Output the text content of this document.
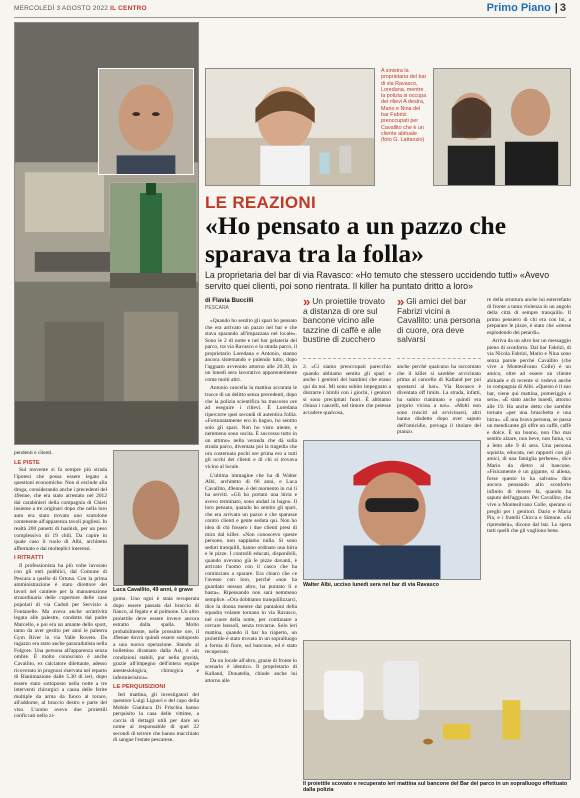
MERCOLEDÌ 3 AGOSTO 2022 IL CENTRO	Primo Piano | 3
A sinistra la proprietaria del bar di via Ravasco, Loredana, mentre la polizia si occupa dei rilievi A destra, Mario e Nina del bar Fabrizi preoccupati per Cavallito che è un cliente abituale (foto G. Lattanzio)
LE REAZIONI
«Ho pensato a un pazzo che sparava tra la folla»
La proprietaria del bar di via Ravasco: «Ho temuto che stessero uccidendo tutti» «Avevo servito quei clienti, poi sono rientrata. Il killer ha puntato dritto a loro»

pendenti e clienti.

LE PISTE

Sul movente si fa sempre più strada l'ipotesi che possa essere legato a questioni economiche. Non si esclude alla droga, considerando anche i precedenti del 49enne, che era stato arrestato nel 2012 dai carabinieri della compagnia di Chieti insieme a tre originari dopo che nella loro auto era stato trovato uno scatolone contenente all'apparenza tavoli pugliesi. In realtà 200 panetti di hashish, per un peso complessivo di 19 chili. Da capire in quale caso il ruolo di Albi, architetto affermato e dai molteplici interessi.

I RITRATTI

Il professionista ha più volte lavorato con gli enti pubblici, dal Comune di Pescara a quello di Ortona. Con la prima amministrazione è stato direttore dei lavori nel cantiere per la manutenzione straordinaria delle coperture delle case popolari di via Caduti per Servizio a Fontanelle. Ma aveva anche un'attività legata alle palestre, condotta dal padre Marcello, e poi era un amante dello sport, tanto da aver gestito per anni le palestra Gym River in via Valle Roveto. Da ragazzo era stato anche paracadutista nella Folgore. Una persona all'apparenza senza ombre. È molto conosciuto è anche Cavallito, ex calciatore dilettante, adesso ricoverato in prognosi riservata nel reparto di Rianimazione dalle 5.30 di ieri, dopo essere stato sottoposto nella notte a tre interventi chirurgici a causa delle ferite multiple da arma da fuoco al torace, all'addome, al braccio destro e parte del viso. L'uomo aveva due proiettili conficcati nello zi-

Luca Cavallito, 49 anni, è grave

gomo. Uno ogni è stata recuperata dopo essere passata dal braccio di fianco, al fegato e al polmone. Un altro proiettile deve essere invece ancora estratto dalla spalla. Molto probabilmente, nelle prossime ore, il 49enne dovrà quindi essere sottoposto a una nuova operazione. Stando al bollettino diramato dalla Asl, è «in condizioni stabili, pur nella gravità, grazie all'impegno dell'intera equipe anestesiologica, chirurgica e infermieristica».

LE PERQUISIZIONI

Ieri mattina, gli investigatori del questore Luigi Liguori e del capo della Mobile Gianluca Di Frischia hanno perquisito la casa delle vittime, a caccia di dettagli utili per dare un nome al responsabile di quel 22 secondi di terrore che hanno macchiato di sangue l'estate pescarese.

di Flavia Buccilli
PESCARA

«Quando ho sentito gli spari ho pensato che era arrivato un pazzo nel bar e che stava sparando all'impazzata nel locale». Sono le 2 di notte e nel bar gelateria del parco, tra via Ravasco e la strada parco, il proprietario Loredana e Antonio, stanno ancora sistemando e pulendo tutto, dopo l'agguato avvenuto attorno alle 20.30, in un lunedì sera lavorativo apparentemente come molti altri.

Antonio cancella la mattina accurata le tracce di un delitto senza precedenti, dopo che la polizia scientifica ha trascorso ore ad eseguire i rilievi. È Loredana ripercorre quei secondi di autentica follia. «Fortunatamente ero in bagno, ho sentito solo gli spari. Non ho visto niente, e nemmeno sono uscita. È successo tutto in un attimo» nella veranda che dà sulla strada parco, diventata poi la tragedia che ora costernata pochi ore prima ero a tutti gli occhi dei clienti e di chi si trovava vicino al locale.

L'ultima immagine che ha di Walter Albi, architetto di 66 anni, e Luca Cavallito, 49enne, è del momento in cui li ha serviti. «Gli ho portato una birra e avevo terminato, sono andati in bagno. Il loro pensato, quando ho sentito gli spari, che era arrivato un pazzo e che sparasse contro clienti e gente seduta qui. Non ho idea di chi fossero i due clienti presi di mira dal killer. «Non conoscevo queste persone, non sappiamo nulla. Si sono seduti tranquilli, hanno ordinato una birra e le pizze. I controlli educati, disponibili, quando avevano già le pizze davanti, è arrivato l'uomo con il casco che ha cominciato a sparare. Era chiaro che ce l'avesse con loro, perché «non ha guardato nessun altro, ha puntato lì e basta». Ripensando non sarà nemmeno semplice. «Ora dobbiamo tranquillizzarci, dice la donna mentre dai pantaloni della squadra volante tornano in via Ravasco, nel cuore della notte, per continuare a cercare bossoli, senza trovarne. Solo ieri mattina, quando il bar ha riaperto, un proiettile è stato trovato in un sopralluogo a forma di fiore, sul bancone, ed è stato recuperato.

Da un locale all'altro, grazie di fronte lo scenario è identico. Il proprietario di Kalland, Donatella, chiude anche lui attorno alle

» Un proiettile trovato a distanza di ore sul bancone vicino alle tazzine di caffè e alle bustine di zucchero
» Gli amici del bar Fabrizi vicini a Cavallito: una persona di cuore, ora deve salvarsi

2. «Ci siamo preoccupati parecchio quando abbiamo sentito gli spari e anche i genitori dei bambini che erano qui da noi. Mi sono subito impegnato a distrarre i bimbi con i giochi, i genitori si sono precipitati fuori. È abbiamo chiuso i cancelli, nel timore che potesse accadere qualcosa,

anche perché qualcuno ha raccontato che il killer si sarebbe avvicinato prima al cancello di Kalland per poi spostarsi al bar». Via Ravasco è diventata off limits. La strada, infatti, ha subito rianimato e quindi era proprio vicina a noi». «Molti non sono riusciti ad avvicinarsi, altri hanno disdetto dopo aver saputo dell'omicidio, prevaga il titolare del pranzo.

Walter Albi, ucciso lunedì sera nel bar di via Ravasco

re della struttura anche lui esterrefatto di fronte a tanta violenza in un angolo della città di sempre tranquillo. Il primo pensiero di chi era con lui, a preparare le pizze, è stato che «stesse esplodendo dei petardi».

Arriva da un altro bar un messaggio pieno di sconforto. Dal bar Fabrizi, di via Nicola Fabrizi, Mario e Nina sono senza parole perché Cavallito (che vive a Montesilvano Colle) è un amico, oltre ad essere un cliente abituale e di recente si vedeva anche in compagnia di Albi. «Questo è il suo bar, viene qui mattina, pomeriggio e sera», «È stato anche lunedì, attorno alle 19. Ha anche detto che sarebbe tornato «per una bruschetta e una birra». «È una brava persona, se passa un mendicante gli offre un caffè, caffè e dolce. È un buono, non l'ho mai sentito alzare, non beve, non fuma, va a letto alle 9 di sera. Una persona squisita, educata, nei rapporti con gli amici, di una famiglia perbene», dice Mario da dietro al bancone. «Fisicamente è un gigante, si allena, forse questo lo ha salvato» dice ancora pensando allo sconforto infinito di dovere fa, quando ha saputo dell'agguato. Per Cavallito, che vive a Montesilvano Colle, sperano si preghi per i genitori. Dario e Maria Pia, e i fratelli Chicca e Simone. «Si riprenderà», dicono dal bar. Lo spera tutti quelli che gli vogliono bene.

Il proiettile scovato e recuperato ieri mattina sul bancone del Bar del parco in un sopralluogo effettuato dalla polizia
